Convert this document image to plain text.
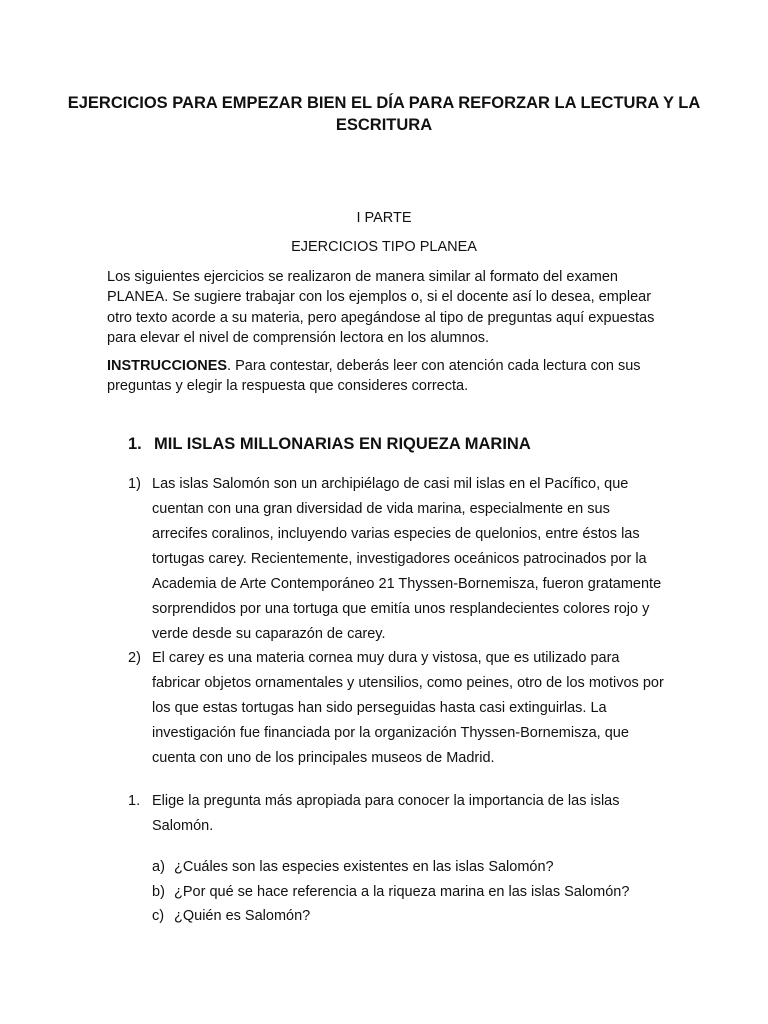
EJERCICIOS PARA EMPEZAR BIEN EL DÍA PARA REFORZAR LA LECTURA Y LA ESCRITURA

I PARTE

EJERCICIOS TIPO PLANEA

Los siguientes ejercicios se realizaron de manera similar al formato del examen PLANEA. Se sugiere trabajar con los ejemplos o, si el docente así lo desea, emplear otro texto acorde a su materia, pero apegándose al tipo de preguntas aquí expuestas para elevar el nivel de comprensión lectora en los alumnos.

INSTRUCCIONES. Para contestar, deberás leer con atención cada lectura con sus preguntas y elegir la respuesta que consideres correcta.

1. MIL ISLAS MILLONARIAS EN RIQUEZA MARINA
1) Las islas Salomón son un archipiélago de casi mil islas en el Pacífico, que cuentan con una gran diversidad de vida marina, especialmente en sus arrecifes coralinos, incluyendo varias especies de quelonios, entre éstos las tortugas carey. Recientemente, investigadores oceánicos patrocinados por la Academia de Arte Contemporáneo 21 Thyssen-Bornemisza, fueron gratamente sorprendidos por una tortuga que emitía unos resplandecientes colores rojo y verde desde su caparazón de carey.
2) El carey es una materia cornea muy dura y vistosa, que es utilizado para fabricar objetos ornamentales y utensilios, como peines, otro de los motivos por los que estas tortugas han sido perseguidas hasta casi extinguirlas. La investigación fue financiada por la organización Thyssen-Bornemisza, que cuenta con uno de los principales museos de Madrid.
1. Elige la pregunta más apropiada para conocer la importancia de las islas Salomón.
a) ¿Cuáles son las especies existentes en las islas Salomón?
b) ¿Por qué se hace referencia a la riqueza marina en las islas Salomón?
c) ¿Quién es Salomón?
